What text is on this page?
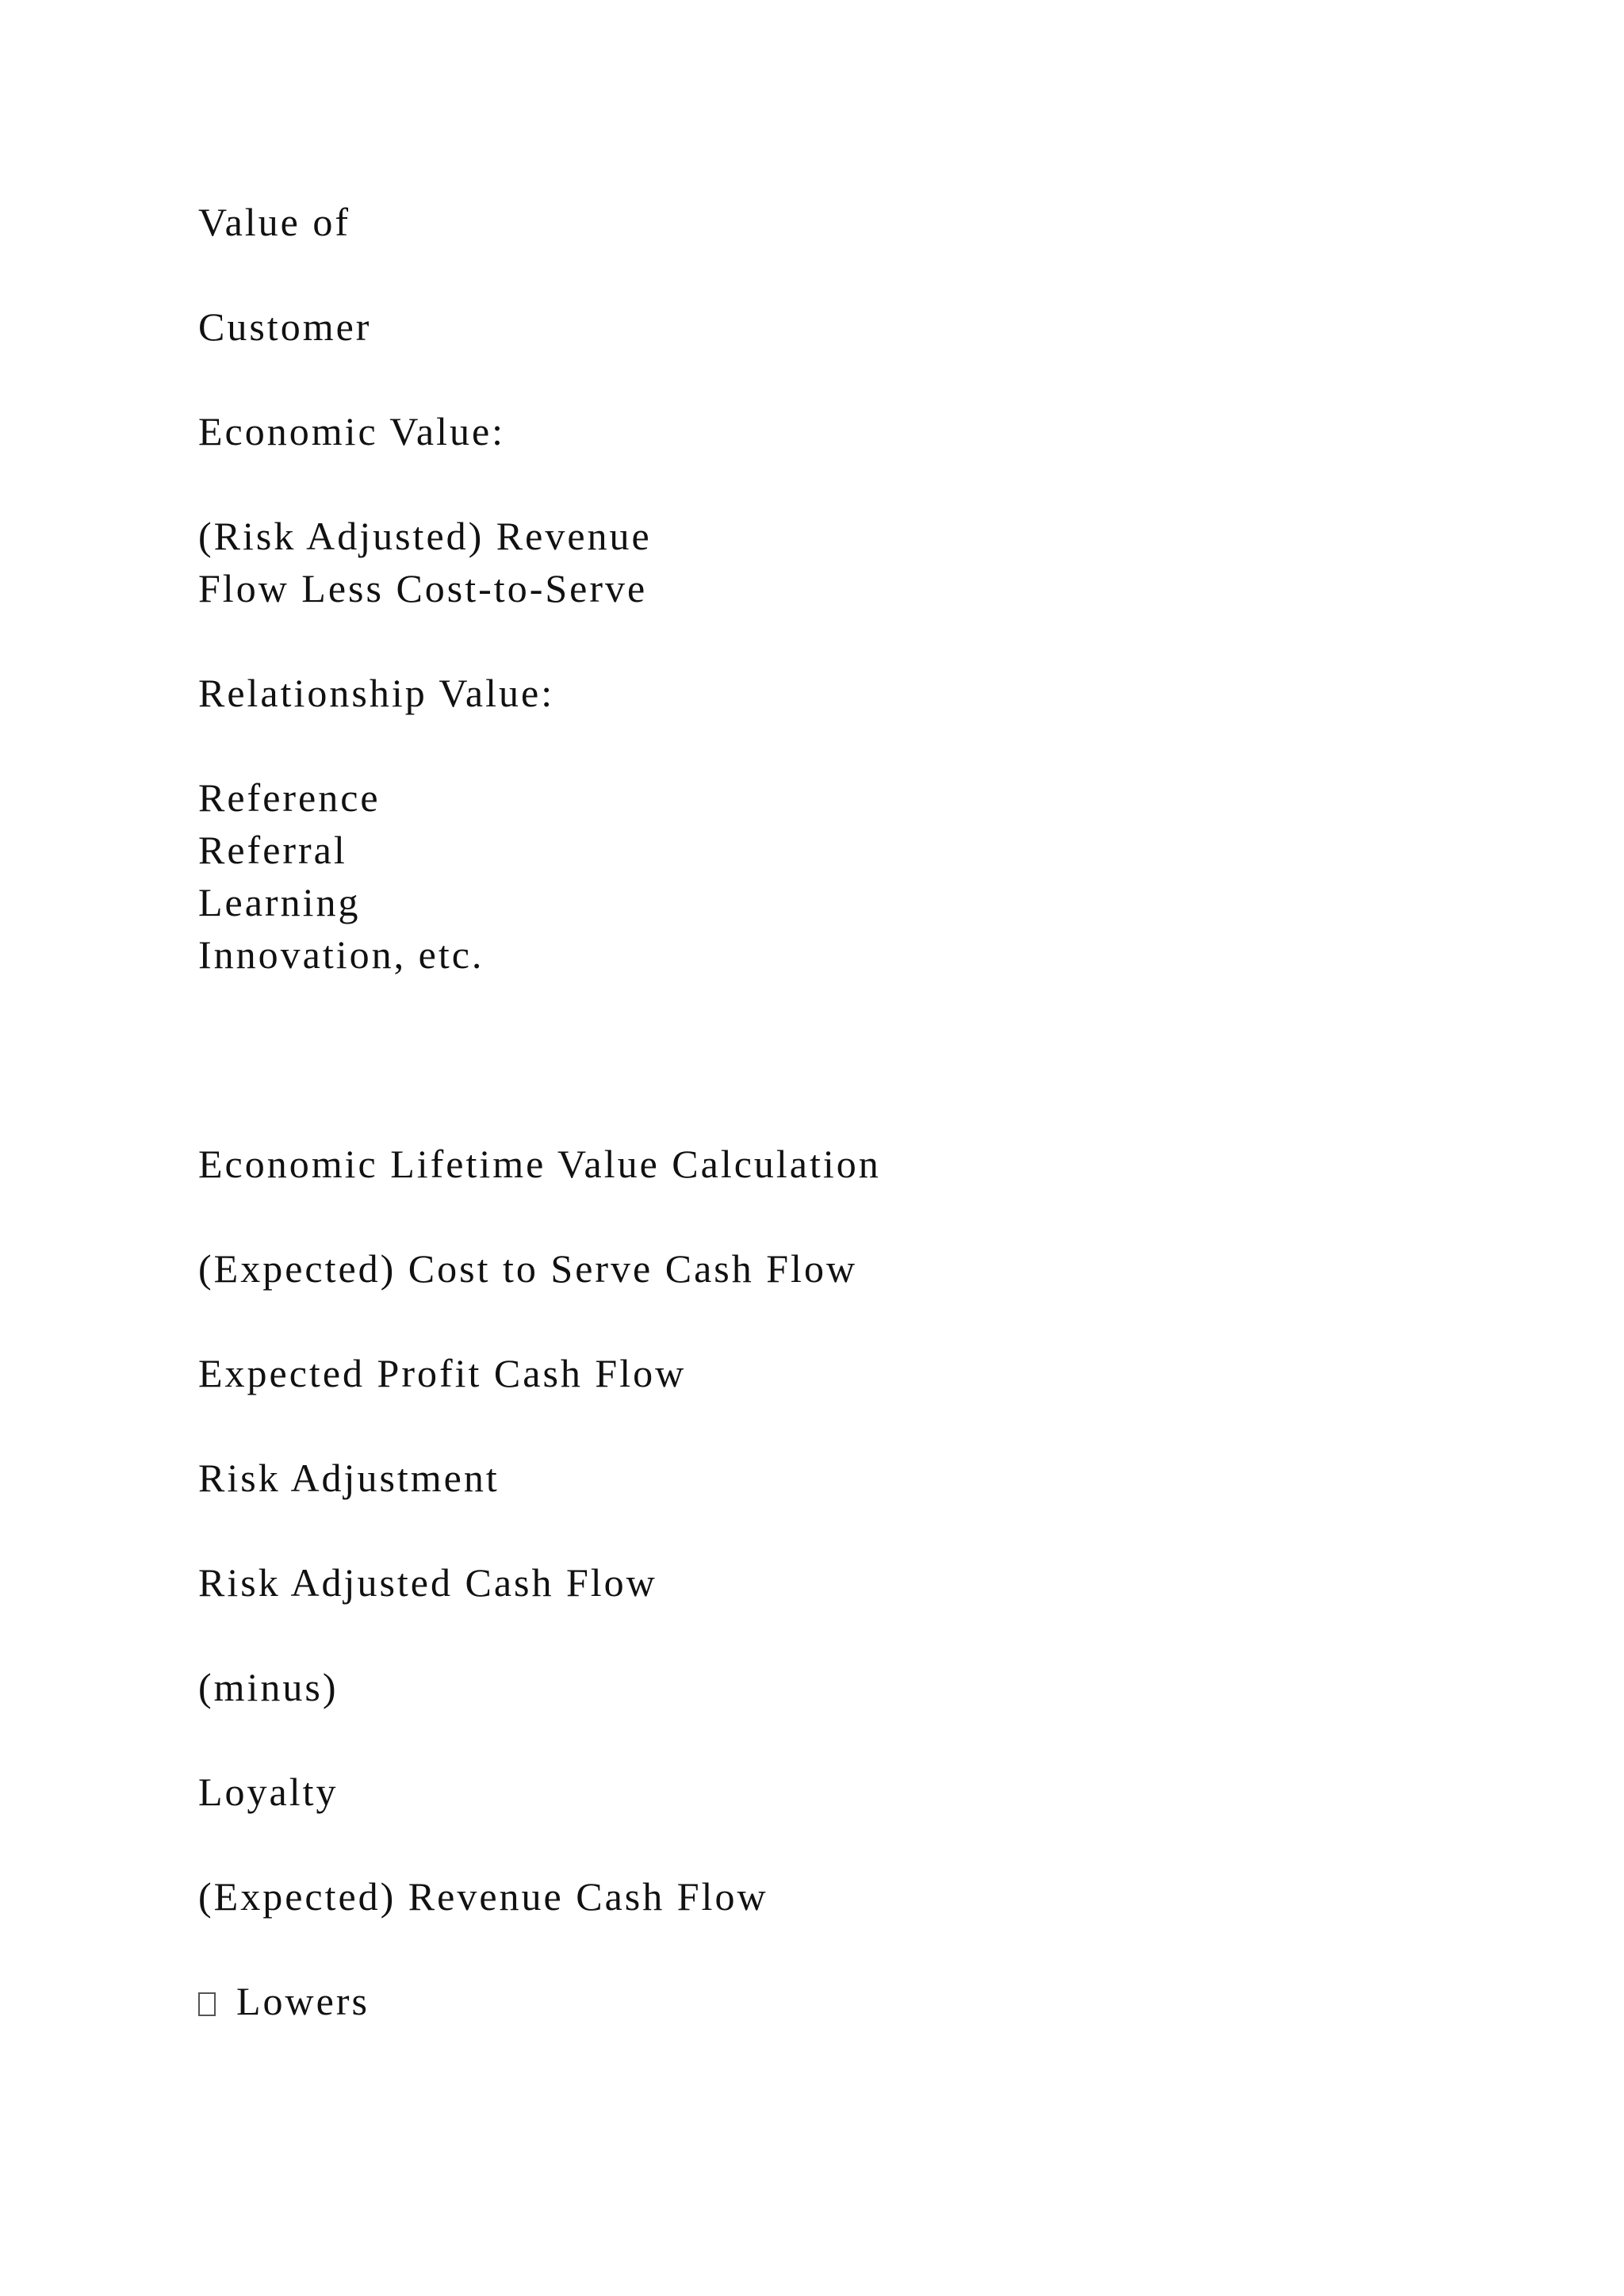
Value of

Customer

Economic Value:

(Risk Adjusted) Revenue

Flow Less Cost-to-Serve

Relationship Value:

Reference

Referral

Learning

Innovation, etc.

Economic Lifetime Value Calculation

(Expected) Cost to Serve Cash Flow

Expected Profit Cash Flow

Risk Adjustment

Risk Adjusted Cash Flow

(minus)

Loyalty

(Expected) Revenue Cash Flow

Lowers
